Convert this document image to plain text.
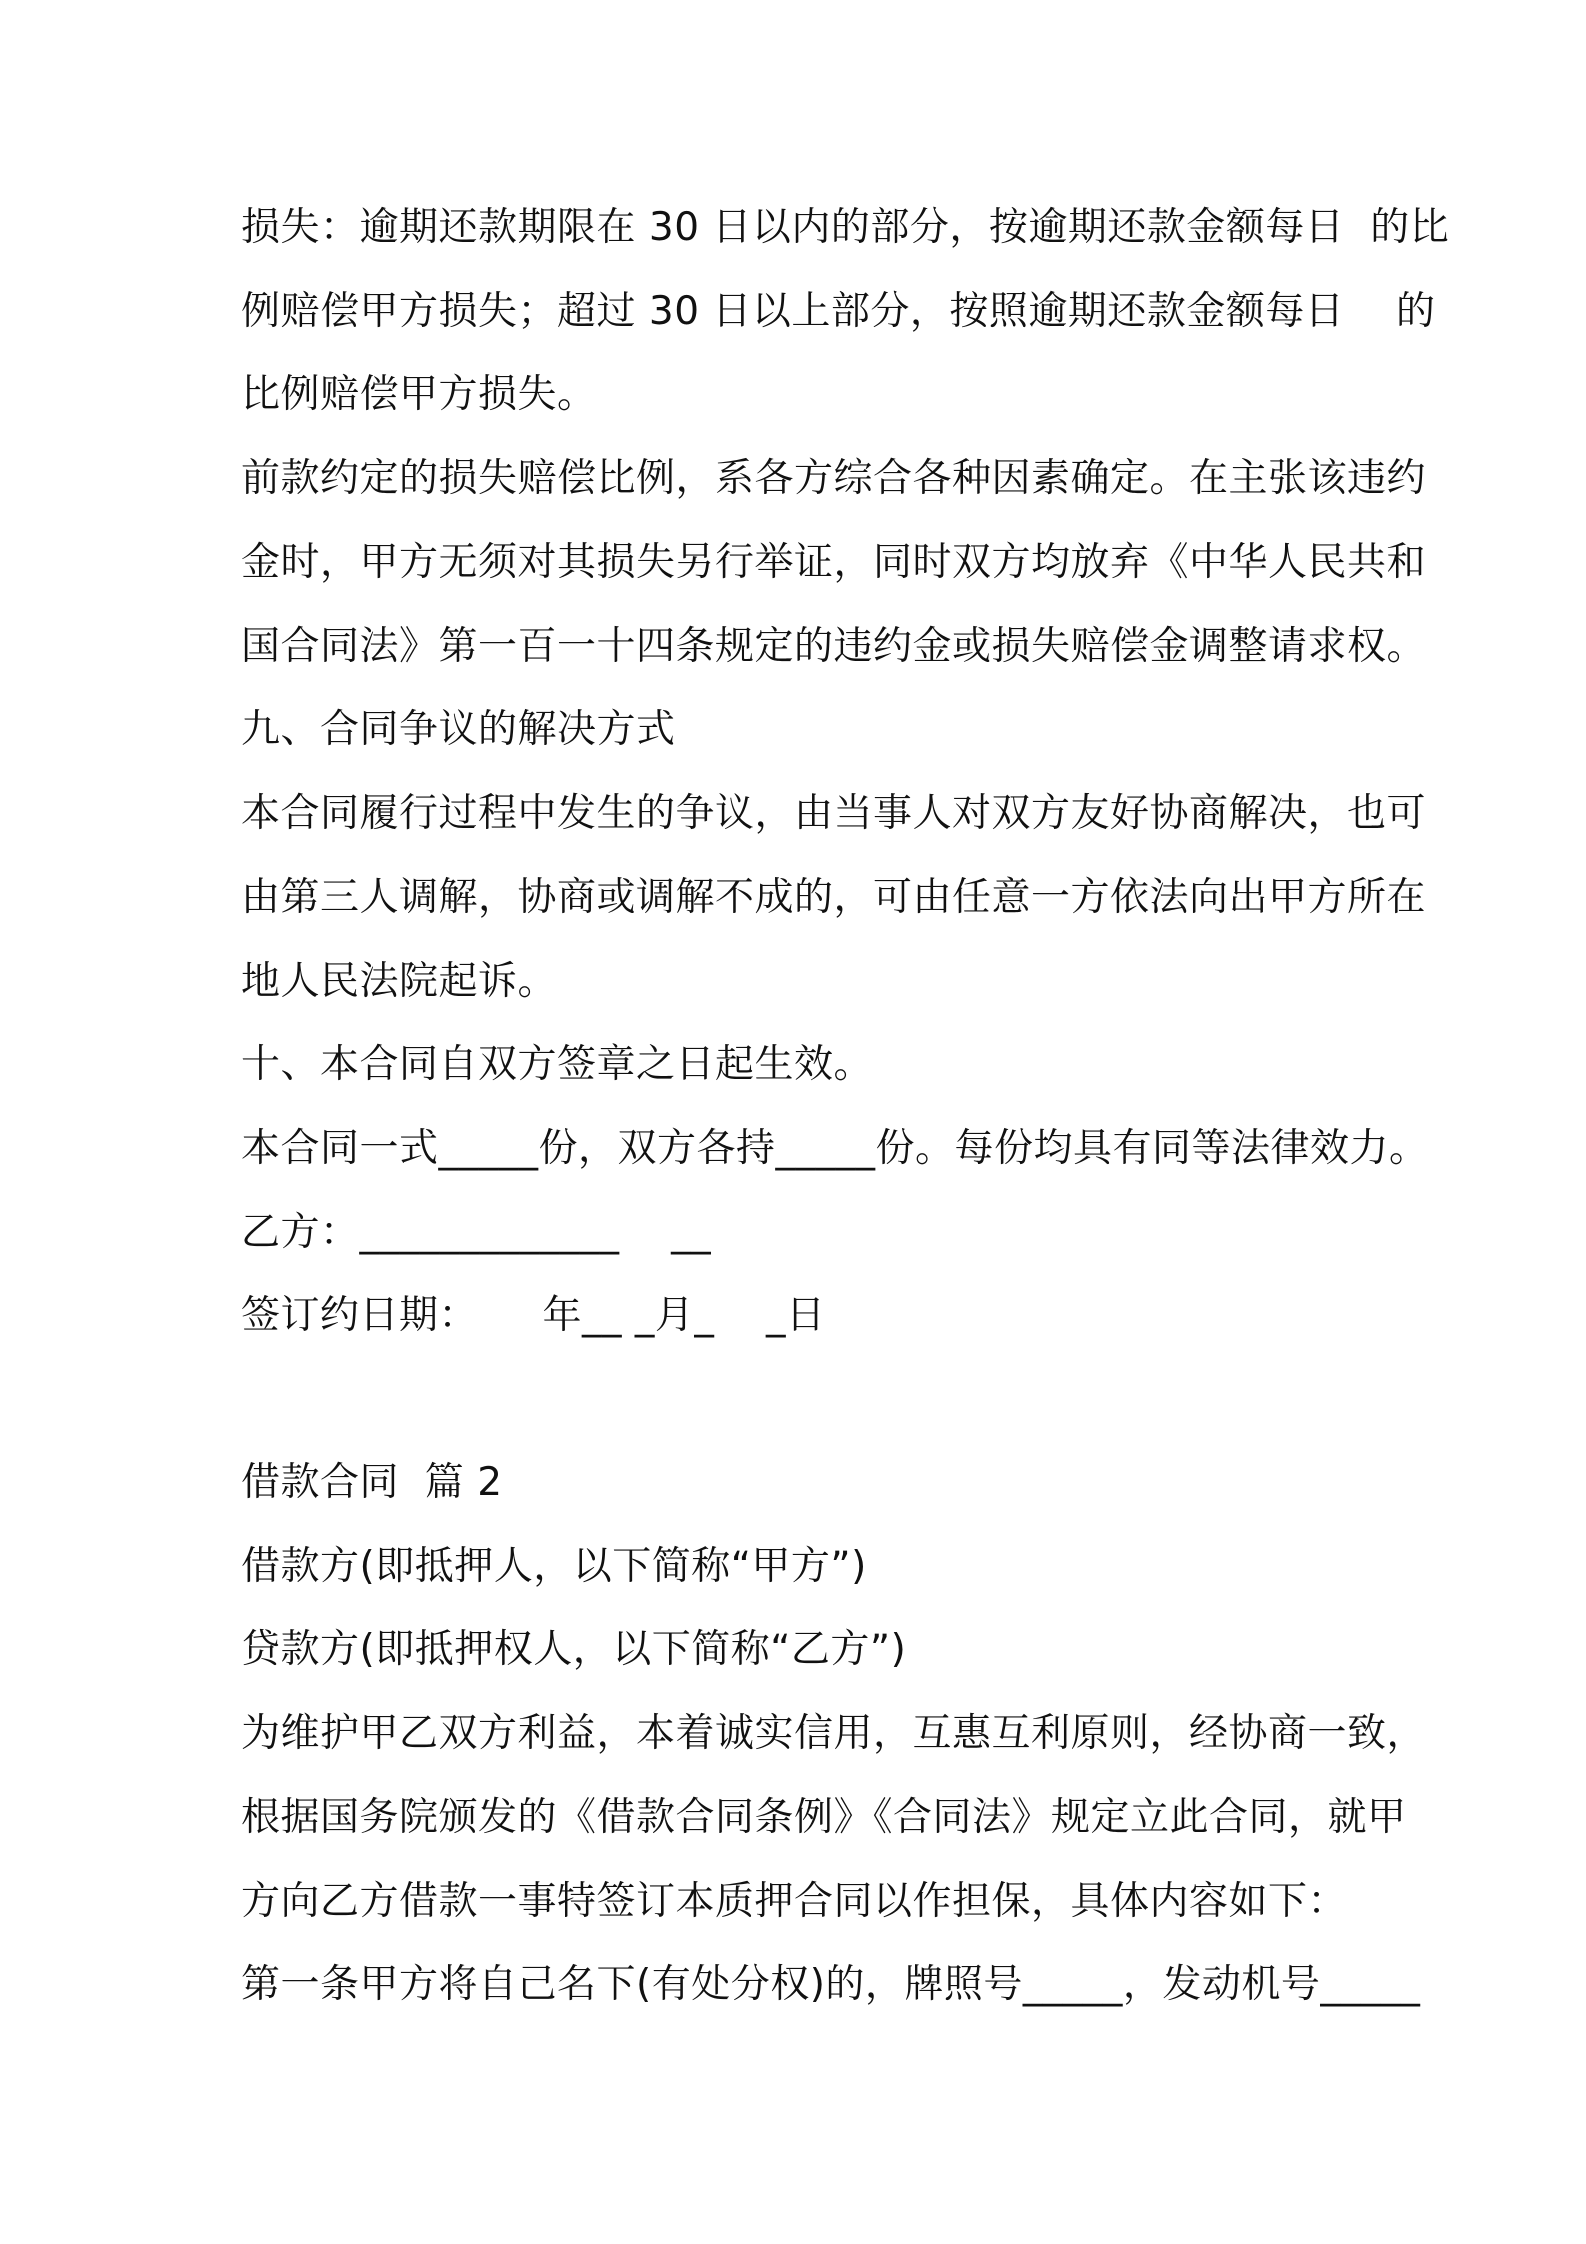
损失：逾期还款期限在 30 日以内的部分，按逾期还款金额每日  的比
例赔偿甲方损失；超过 30 日以上部分，按照逾期还款金额每日    的
比例赔偿甲方损失。
前款约定的损失赔偿比例，系各方综合各种因素确定。在主张该违约
金时，甲方无须对其损失另行举证，同时双方均放弃《中华人民共和
国合同法》第一百一十四条规定的违约金或损失赔偿金调整请求权。
九、合同争议的解决方式
本合同履行过程中发生的争议，由当事人对双方友好协商解决，也可
由第三人调解，协商或调解不成的，可由任意一方依法向出甲方所在
地人民法院起诉。
十、本合同自双方签章之日起生效。
本合同一式_____份，双方各持_____份。每份均具有同等法律效力。
乙方：_____________    __
签订约日期：     年__ _月_    _日
借款合同  篇 2
借款方(即抵押人，以下简称“甲方”)
贷款方(即抵押权人，以下简称“乙方”)
为维护甲乙双方利益，本着诚实信用，互惠互利原则，经协商一致，
根据国务院颁发的《借款合同条例》《合同法》规定立此合同，就甲
方向乙方借款一事特签订本质押合同以作担保，具体内容如下：
第一条甲方将自己名下(有处分权)的，牌照号_____，发动机号_____
